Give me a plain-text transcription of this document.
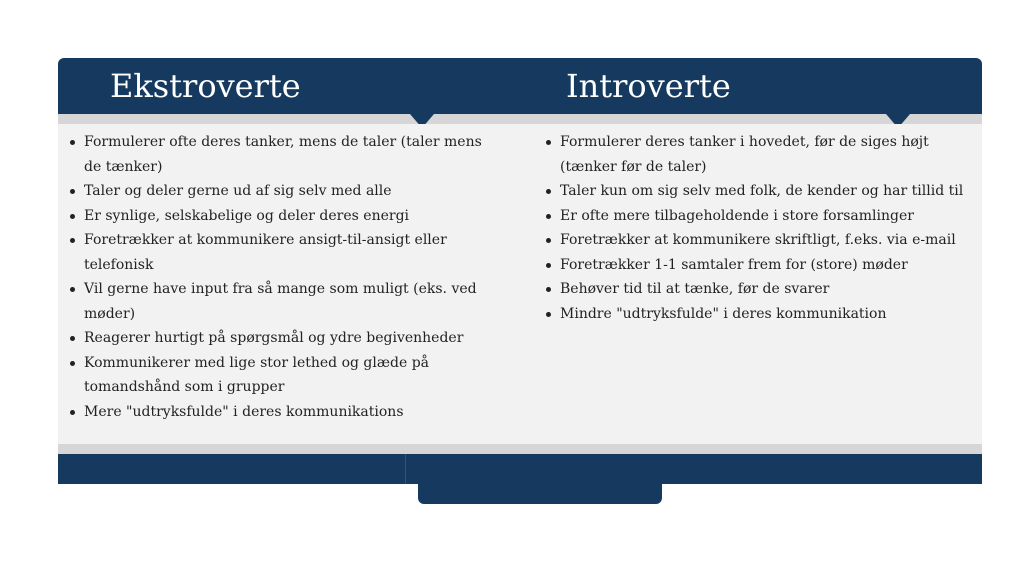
Ekstroverte	Introverte
Formulerer ofte deres tanker, mens de taler (taler mens de tænker)
Taler og deler gerne ud af sig selv med alle
Er synlige, selskabelige og deler deres energi
Foretrækker at kommunikere ansigt-til-ansigt eller telefonisk
Vil gerne have input fra så mange som muligt (eks. ved møder)
Reagerer hurtigt på spørgsmål og ydre begivenheder
Kommunikerer med lige stor lethed og glæde på tomandshånd som i grupper
Mere "udtryksfulde" i deres kommunikations
Formulerer deres tanker i hovedet, før de siges højt (tænker før de taler)
Taler kun om sig selv med folk, de kender og har tillid til
Er ofte mere tilbageholdende i store forsamlinger
Foretrækker at kommunikere skriftligt, f.eks. via e-mail
Foretrækker 1-1 samtaler frem for (store) møder
Behøver tid til at tænke, før de svarer
Mindre "udtryksfulde" i deres kommunikation
